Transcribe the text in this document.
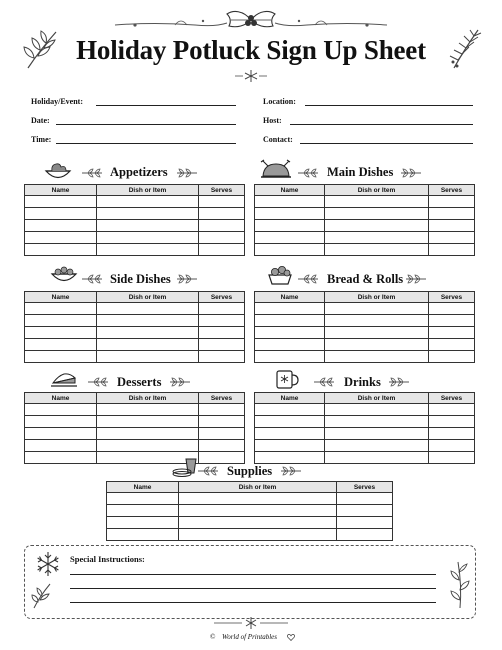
Holiday Potluck Sign Up Sheet
Holiday/Event:
Date:
Time:
Location:
Host:
Contact:
Appetizers
Name	Dish or Item	Serves

Main Dishes
Name	Dish or Item	Serves

Side Dishes
Name	Dish or Item	Serves

Bread & Rolls
Name	Dish or Item	Serves

Desserts
Name	Dish or Item	Serves

Drinks
Name	Dish or Item	Serves

Supplies
Name	Dish or Item	Serves

Special Instructions:
© World of Printables
